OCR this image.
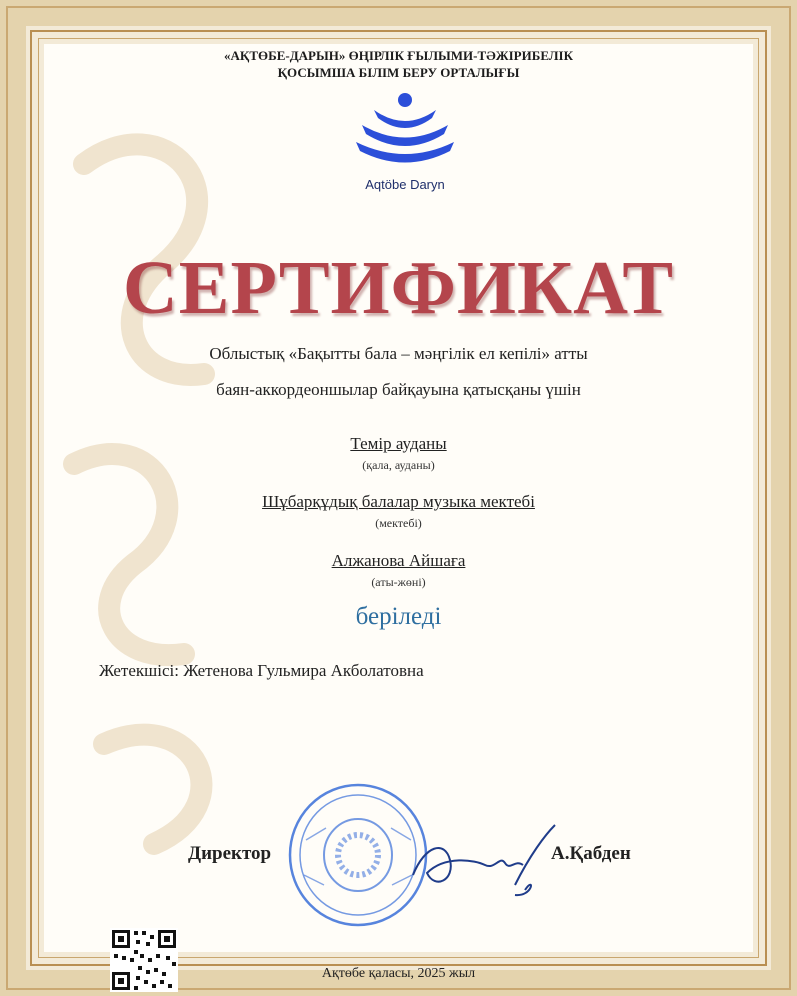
«АҚТӨБЕ-ДАРЫН» ӨҢІРЛІК ҒЫЛЫМИ-ТӘЖІРИБЕЛІК
ҚОСЫМША БІЛІМ БЕРУ ОРТАЛЫҒЫ
Aqtöbe Daryn
СЕРТИФИКАТ
Облыстық «Бақытты бала – мәңгілік ел кепілі» атты
баян-аккордеоншылар байқауына қатысқаны үшін
Темір ауданы
(қала, ауданы)
Шұбарқұдық балалар музыка мектебі
(мектебі)
Алжанова Айшаға
(аты-жөні)
беріледі
Жетекшісі: Жетенова Гульмира Акболатовна
Директор	А.Қабден
Ақтөбе қаласы, 2025 жыл
